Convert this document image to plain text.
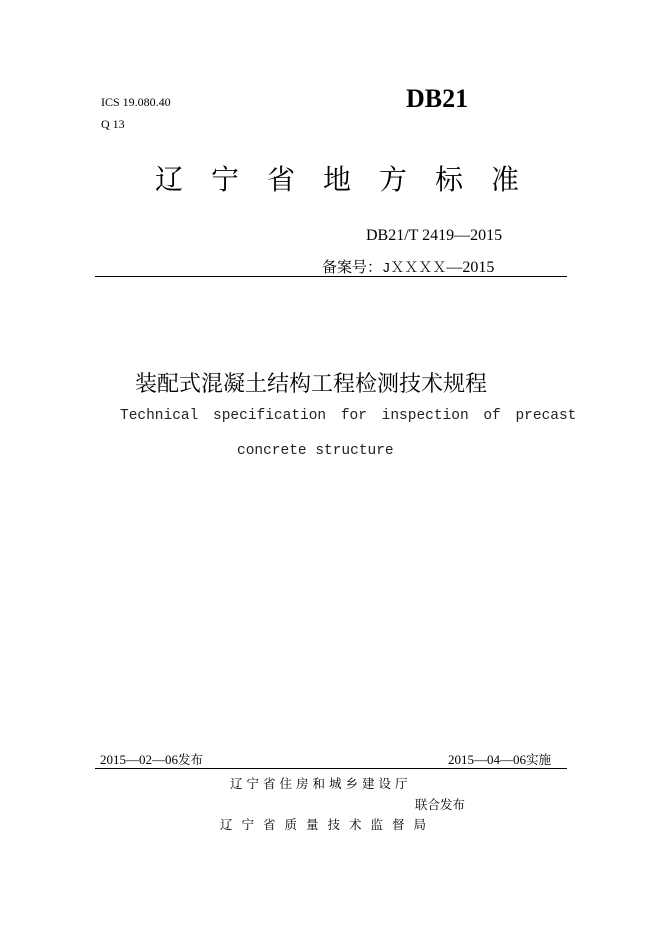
ICS 19.080.40
Q 13
DB21
辽宁省地方标准
DB21/T 2419—2015
备案号：JＸＸＸＸ—2015
装配式混凝土结构工程检测技术规程
Technical specification for inspection of precast
concrete structure
2015—02—06发布	2015—04—06实施
辽宁省住房和城乡建设厅
联合发布
辽宁省质量技术监督局
